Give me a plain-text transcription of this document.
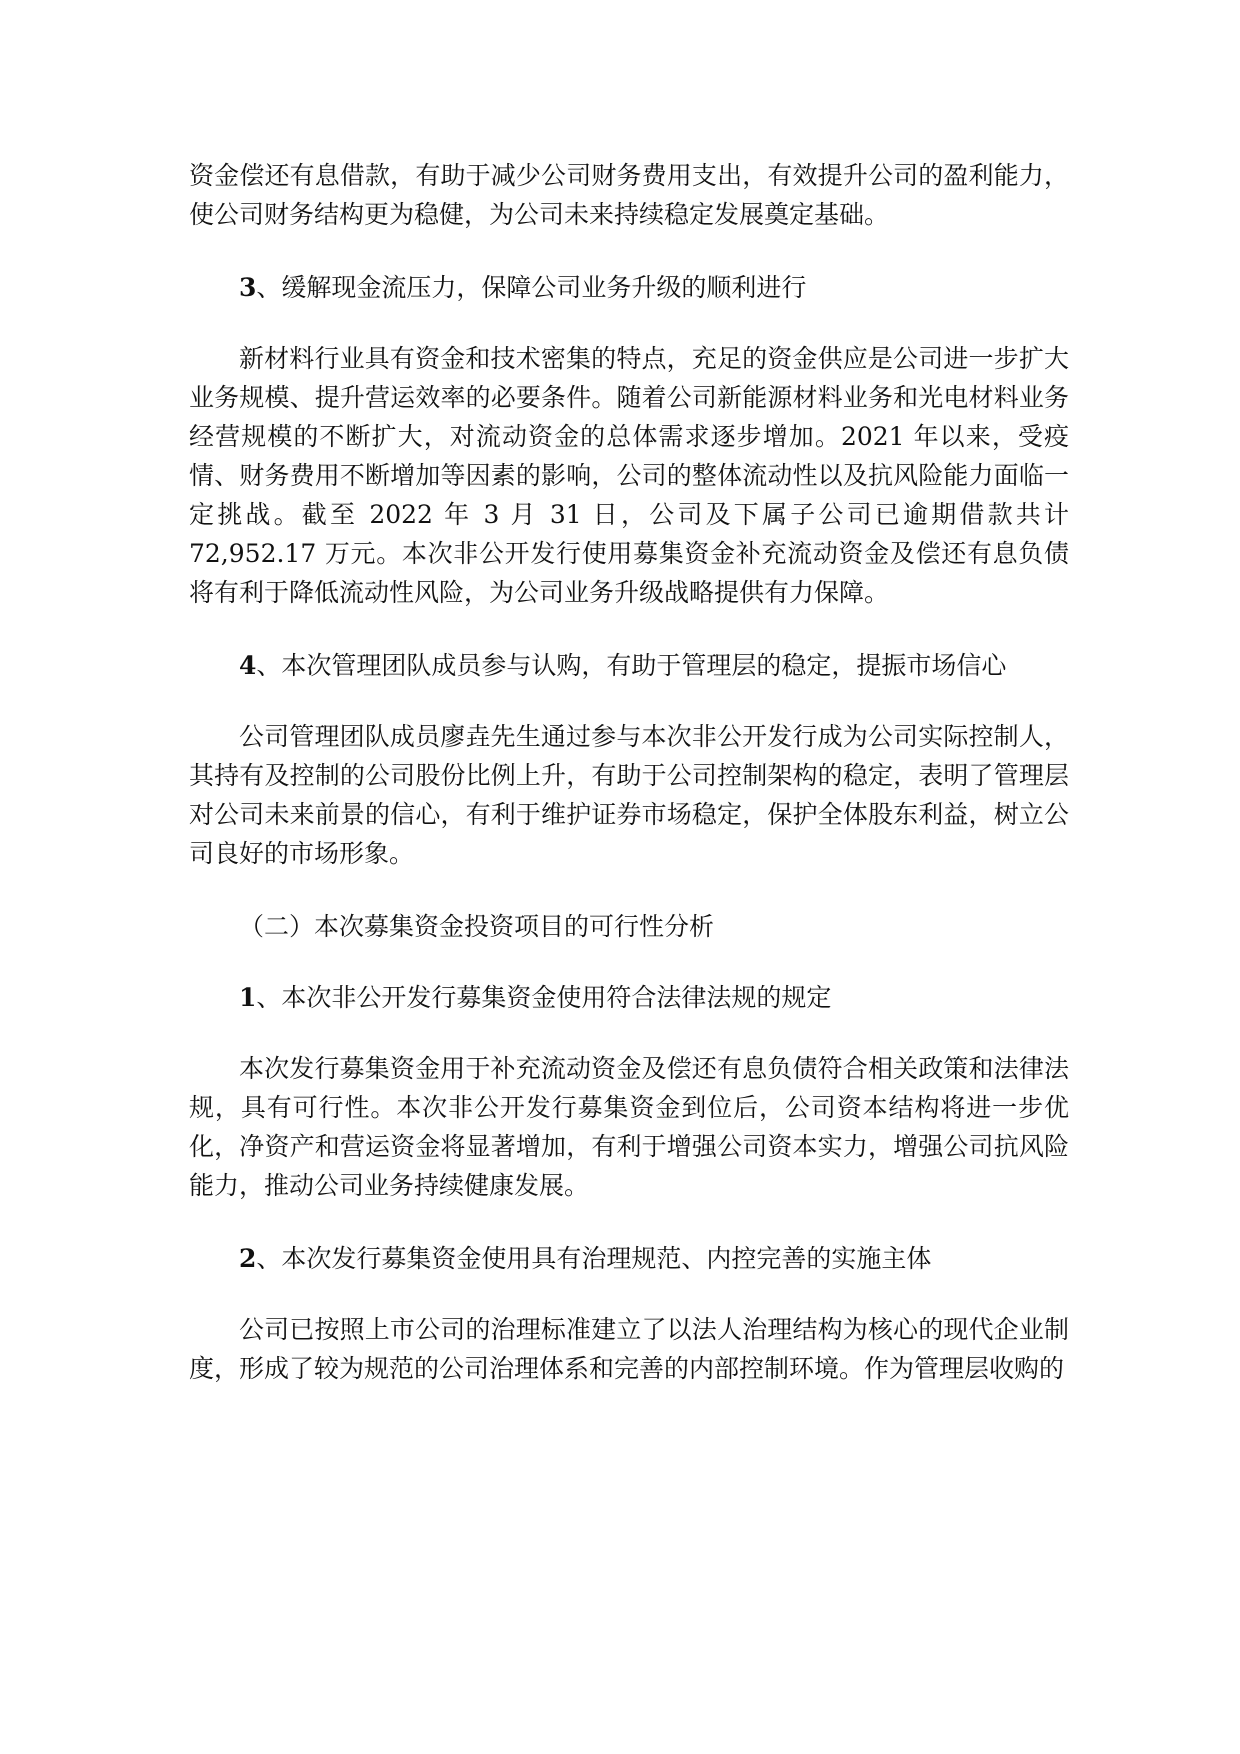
资金偿还有息借款，有助于减少公司财务费用支出，有效提升公司的盈利能力，使公司财务结构更为稳健，为公司未来持续稳定发展奠定基础。

3、缓解现金流压力，保障公司业务升级的顺利进行

新材料行业具有资金和技术密集的特点，充足的资金供应是公司进一步扩大业务规模、提升营运效率的必要条件。随着公司新能源材料业务和光电材料业务经营规模的不断扩大，对流动资金的总体需求逐步增加。2021 年以来，受疫情、财务费用不断增加等因素的影响，公司的整体流动性以及抗风险能力面临一定挑战。截至 2022 年 3 月 31 日，公司及下属子公司已逾期借款共计 72,952.17 万元。本次非公开发行使用募集资金补充流动资金及偿还有息负债将有利于降低流动性风险，为公司业务升级战略提供有力保障。

4、本次管理团队成员参与认购，有助于管理层的稳定，提振市场信心

公司管理团队成员廖垚先生通过参与本次非公开发行成为公司实际控制人，其持有及控制的公司股份比例上升，有助于公司控制架构的稳定，表明了管理层对公司未来前景的信心，有利于维护证券市场稳定，保护全体股东利益，树立公司良好的市场形象。

（二）本次募集资金投资项目的可行性分析

1、本次非公开发行募集资金使用符合法律法规的规定

本次发行募集资金用于补充流动资金及偿还有息负债符合相关政策和法律法规，具有可行性。本次非公开发行募集资金到位后，公司资本结构将进一步优化，净资产和营运资金将显著增加，有利于增强公司资本实力，增强公司抗风险能力，推动公司业务持续健康发展。

2、本次发行募集资金使用具有治理规范、内控完善的实施主体

公司已按照上市公司的治理标准建立了以法人治理结构为核心的现代企业制度，形成了较为规范的公司治理体系和完善的内部控制环境。作为管理层收购的
